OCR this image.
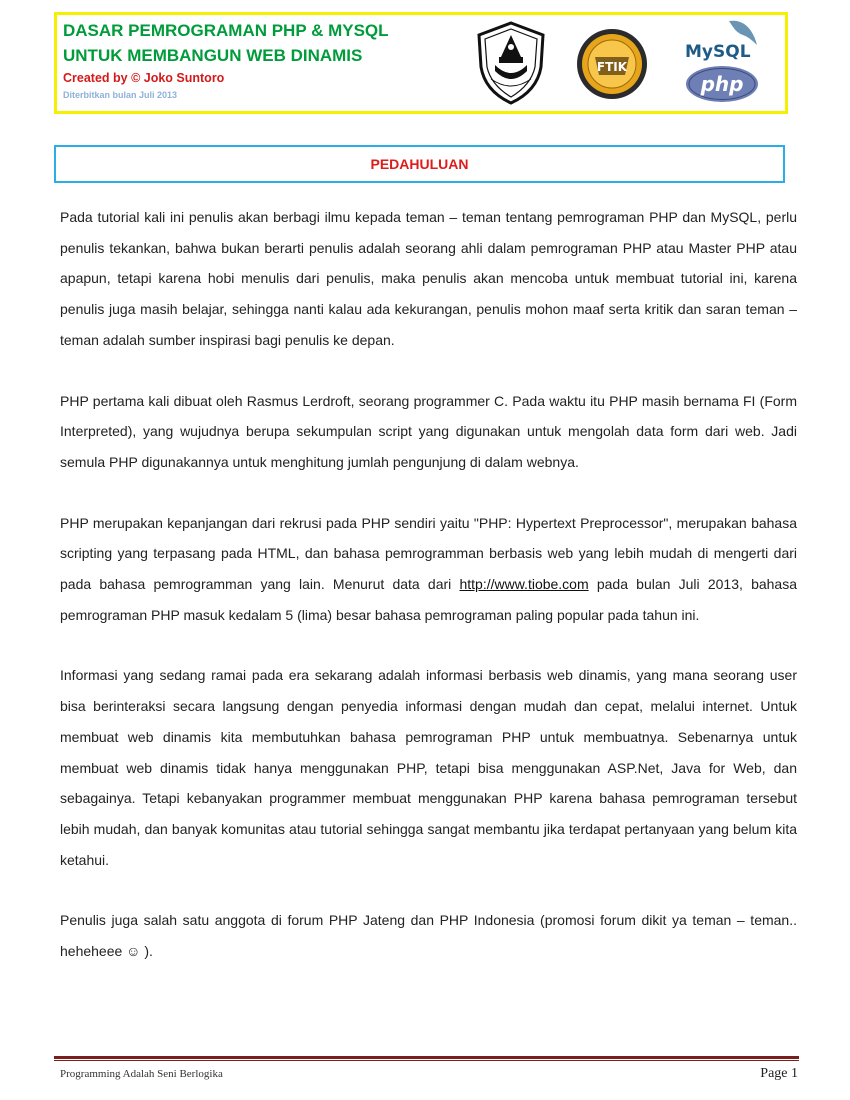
DASAR PEMROGRAMAN PHP & MYSQL
UNTUK MEMBANGUN WEB DINAMIS
Created by © Joko Suntoro
Diterbitkan bulan Juli 2013
FTIK
MySQL
php
PEDAHULUAN

Pada tutorial kali ini penulis akan berbagi ilmu kepada teman – teman tentang pemrograman PHP dan MySQL, perlu penulis tekankan, bahwa bukan berarti penulis adalah seorang ahli dalam pemrograman PHP atau Master PHP atau apapun, tetapi karena hobi menulis dari penulis, maka penulis akan mencoba untuk membuat tutorial ini, karena penulis juga masih belajar, sehingga nanti kalau ada kekurangan, penulis mohon maaf serta kritik dan saran teman – teman adalah sumber inspirasi bagi penulis ke depan.

PHP pertama kali dibuat oleh Rasmus Lerdroft, seorang programmer C. Pada waktu itu PHP masih bernama FI (Form Interpreted), yang wujudnya berupa sekumpulan script yang digunakan untuk mengolah data form dari web. Jadi semula PHP digunakannya untuk menghitung jumlah pengunjung di dalam webnya.

PHP merupakan kepanjangan dari rekrusi pada PHP sendiri yaitu "PHP: Hypertext Preprocessor", merupakan bahasa scripting yang terpasang pada HTML, dan bahasa pemrogramman berbasis web yang lebih mudah di mengerti dari pada bahasa pemrogramman yang lain. Menurut data dari http://www.tiobe.com pada bulan Juli 2013, bahasa pemrograman PHP masuk kedalam 5 (lima) besar bahasa pemrograman paling popular pada tahun ini.

Informasi yang sedang ramai pada era sekarang adalah informasi berbasis web dinamis, yang mana seorang user bisa berinteraksi secara langsung dengan penyedia informasi dengan mudah dan cepat, melalui internet. Untuk membuat web dinamis kita membutuhkan bahasa pemrograman PHP untuk membuatnya. Sebenarnya untuk membuat web dinamis tidak hanya menggunakan PHP, tetapi bisa menggunakan ASP.Net, Java for Web, dan sebagainya. Tetapi kebanyakan programmer membuat menggunakan PHP karena bahasa pemrograman tersebut lebih mudah, dan banyak komunitas atau tutorial sehingga sangat membantu jika terdapat pertanyaan yang belum kita ketahui.

Penulis juga salah satu anggota di forum PHP Jateng dan PHP Indonesia (promosi forum dikit ya teman – teman.. heheheee ☺ ).

Programming Adalah Seni Berlogika	Page 1
